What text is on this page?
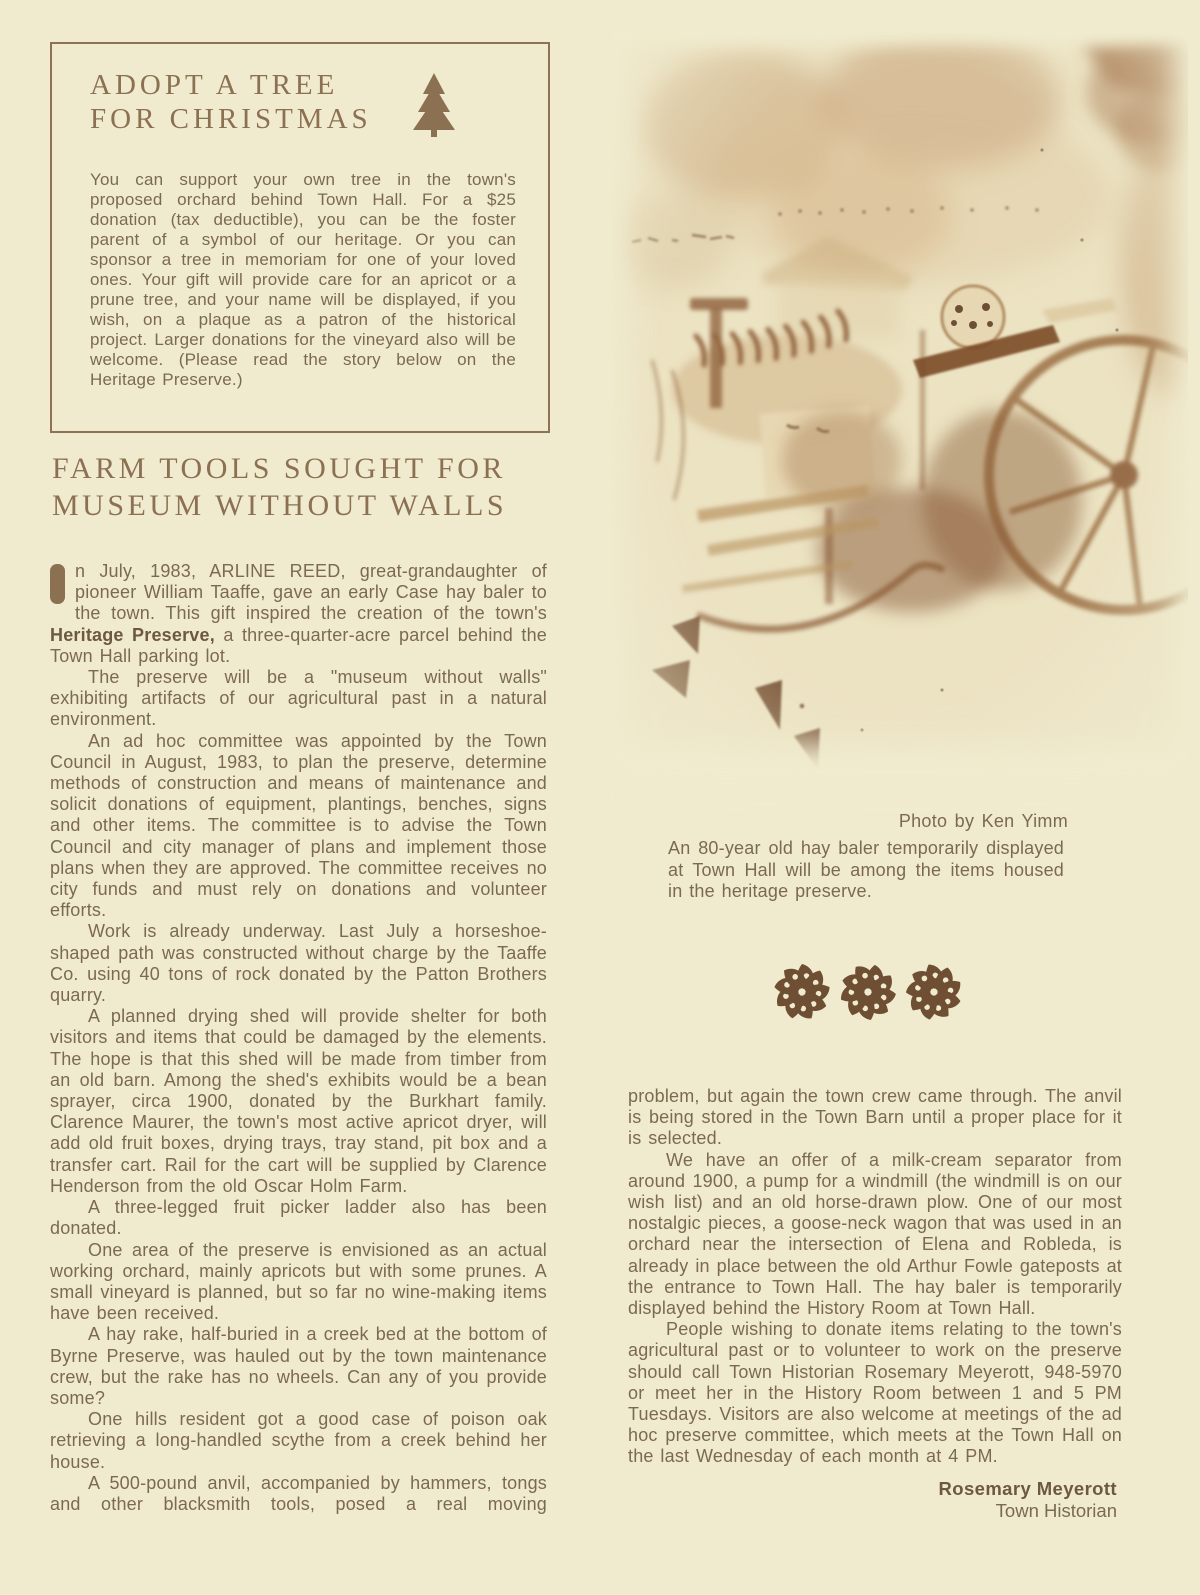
ADOPT A TREE
FOR CHRISTMAS

You can support your own tree in the town's proposed orchard behind Town Hall. For a $25 donation (tax deductible), you can be the foster parent of a symbol of our heritage. Or you can sponsor a tree in memoriam for one of your loved ones. Your gift will provide care for an apricot or a prune tree, and your name will be displayed, if you wish, on a plaque as a patron of the historical project. Larger donations for the vineyard also will be welcome. (Please read the story below on the Heritage Preserve.)

FARM TOOLS SOUGHT FOR
MUSEUM WITHOUT WALLS

n July, 1983, ARLINE REED, great-grandaughter of pioneer William Taaffe, gave an early Case hay baler to the town. This gift inspired the creation of the town's Heritage Preserve, a three-quarter-acre parcel behind the Town Hall parking lot.

The preserve will be a "museum without walls" exhibiting artifacts of our agricultural past in a natural environment.

An ad hoc committee was appointed by the Town Council in August, 1983, to plan the preserve, determine methods of construction and means of maintenance and solicit donations of equipment, plantings, benches, signs and other items. The committee is to advise the Town Council and city manager of plans and implement those plans when they are approved. The committee receives no city funds and must rely on donations and volunteer efforts.

Work is already underway. Last July a horseshoe-shaped path was constructed without charge by the Taaffe Co. using 40 tons of rock donated by the Patton Brothers quarry.

A planned drying shed will provide shelter for both visitors and items that could be damaged by the elements. The hope is that this shed will be made from timber from an old barn. Among the shed's exhibits would be a bean sprayer, circa 1900, donated by the Burkhart family. Clarence Maurer, the town's most active apricot dryer, will add old fruit boxes, drying trays, tray stand, pit box and a transfer cart. Rail for the cart will be supplied by Clarence Henderson from the old Oscar Holm Farm.

A three-legged fruit picker ladder also has been donated.

One area of the preserve is envisioned as an actual working orchard, mainly apricots but with some prunes. A small vineyard is planned, but so far no wine-making items have been received.

A hay rake, half-buried in a creek bed at the bottom of Byrne Preserve, was hauled out by the town maintenance crew, but the rake has no wheels. Can any of you provide some?

One hills resident got a good case of poison oak retrieving a long-handled scythe from a creek behind her house.

A 500-pound anvil, accompanied by hammers, tongs and other blacksmith tools, posed a real moving

Photo by Ken Yimm

An 80-year old hay baler temporarily displayed at Town Hall will be among the items housed in the heritage preserve.

problem, but again the town crew came through. The anvil is being stored in the Town Barn until a proper place for it is selected.

We have an offer of a milk-cream separator from around 1900, a pump for a windmill (the windmill is on our wish list) and an old horse-drawn plow. One of our most nostalgic pieces, a goose-neck wagon that was used in an orchard near the intersection of Elena and Robleda, is already in place between the old Arthur Fowle gateposts at the entrance to Town Hall. The hay baler is temporarily displayed behind the History Room at Town Hall.

People wishing to donate items relating to the town's agricultural past or to volunteer to work on the preserve should call Town Historian Rosemary Meyerott, 948-5970 or meet her in the History Room between 1 and 5 PM Tuesdays. Visitors are also welcome at meetings of the ad hoc preserve committee, which meets at the Town Hall on the last Wednesday of each month at 4 PM.

Rosemary Meyerott
Town Historian
